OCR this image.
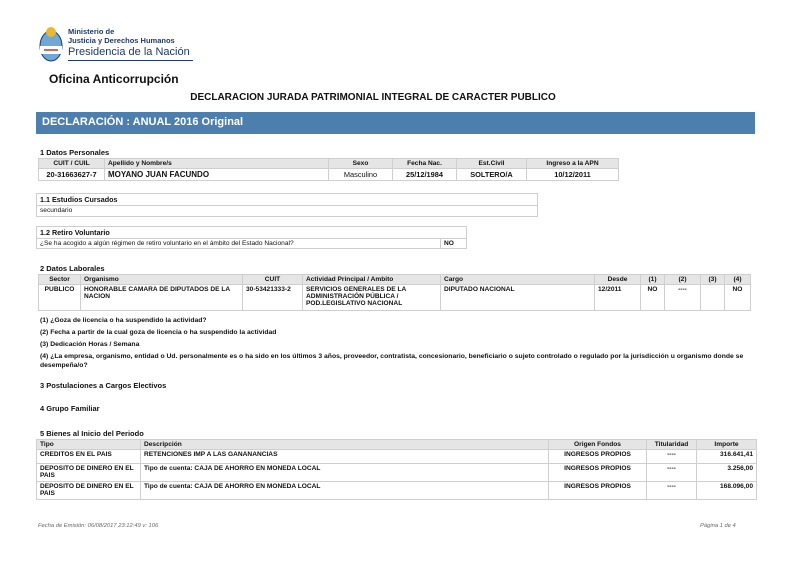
Ministerio de
Justicia y Derechos Humanos
Presidencia de la Nación
Oficina Anticorrupción
DECLARACION JURADA PATRIMONIAL INTEGRAL DE CARACTER PUBLICO
DECLARACIÓN : ANUAL 2016 Original
1 Datos Personales
CUIT / CUIL	Apellido y Nombre/s	Sexo	Fecha Nac.	Est.Civil	Ingreso a la APN
20-31663627-7	MOYANO JUAN FACUNDO	Masculino	25/12/1984	SOLTERO/A	10/12/2011
1.1 Estudios Cursados
secundario
1.2 Retiro Voluntario
¿Se ha acogido a algún régimen de retiro voluntario en el ámbito del Estado Nacional?	NO
2 Datos Laborales
Sector	Organismo	CUIT	Actividad Principal / Ambito	Cargo	Desde	(1)	(2)	(3)	(4)
PUBLICO	HONORABLE CAMARA DE DIPUTADOS DE LA NACION	30-53421333-2	SERVICIOS GENERALES DE LA ADMINISTRACIÓN PÚBLICA / POD.LEGISLATIVO NACIONAL	DIPUTADO NACIONAL	12/2011	NO	----		NO
(1) ¿Goza de licencia o ha suspendido la actividad?
(2) Fecha a partir de la cual goza de licencia o ha suspendido la actividad
(3) Dedicación Horas / Semana
(4) ¿La empresa, organismo, entidad o Ud. personalmente es o ha sido en los últimos 3 años, proveedor, contratista, concesionario, beneficiario o sujeto controlado o regulado por la jurisdicción u organismo donde se desempeña/o?
3 Postulaciones a Cargos Electivos
4 Grupo Familiar
5 Bienes al Inicio del Periodo
Tipo	Descripción	Origen Fondos	Titularidad	Importe
CREDITOS EN EL PAIS	RETENCIONES IMP A LAS GANANANCIAS	INGRESOS PROPIOS	----	316.641,41
DEPOSITO DE DINERO EN EL PAIS	Tipo de cuenta: CAJA DE AHORRO EN MONEDA LOCAL	INGRESOS PROPIOS	----	3.256,00
DEPOSITO DE DINERO EN EL PAIS	Tipo de cuenta: CAJA DE AHORRO EN MONEDA LOCAL	INGRESOS PROPIOS	----	168.096,00
Fecha de Emisión: 06/08/2017 23:12:49 v: 106	Página 1 de 4
